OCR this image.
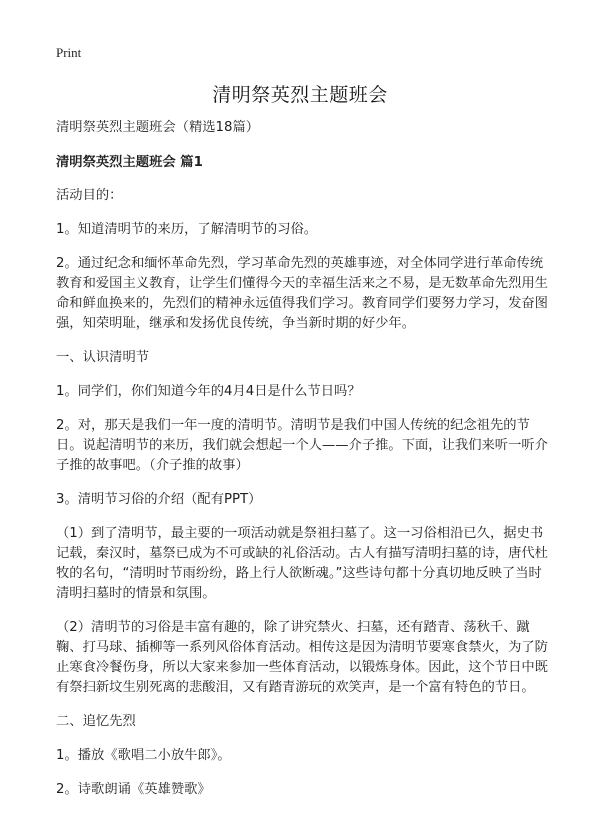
Print
清明祭英烈主题班会

清明祭英烈主题班会（精选18篇）

清明祭英烈主题班会 篇1

活动目的：

1。知道清明节的来历，了解清明节的习俗。

2。通过纪念和缅怀革命先烈，学习革命先烈的英雄事迹，对全体同学进行革命传统教育和爱国主义教育，让学生们懂得今天的幸福生活来之不易，是无数革命先烈用生命和鲜血换来的，先烈们的精神永远值得我们学习。教育同学们要努力学习，发奋图强，知荣明耻，继承和发扬优良传统，争当新时期的好少年。

一、认识清明节

1。同学们，你们知道今年的4月4日是什么节日吗？

2。对，那天是我们一年一度的清明节。清明节是我们中国人传统的纪念祖先的节日。说起清明节的来历，我们就会想起一个人——介子推。下面，让我们来听一听介子推的故事吧。（介子推的故事）

3。清明节习俗的介绍（配有PPT）

（1）到了清明节，最主要的一项活动就是祭祖扫墓了。这一习俗相沿已久，据史书记载，秦汉时，墓祭已成为不可或缺的礼俗活动。古人有描写清明扫墓的诗，唐代杜牧的名句，“清明时节雨纷纷，路上行人欲断魂。”这些诗句都十分真切地反映了当时清明扫墓时的情景和氛围。

（2）清明节的习俗是丰富有趣的，除了讲究禁火、扫墓，还有踏青、荡秋千、蹴鞠、打马球、插柳等一系列风俗体育活动。相传这是因为清明节要寒食禁火，为了防止寒食冷餐伤身，所以大家来参加一些体育活动，以锻炼身体。因此，这个节日中既有祭扫新坟生别死离的悲酸泪，又有踏青游玩的欢笑声，是一个富有特色的节日。

二、追忆先烈

1。播放《歌唱二小放牛郎》。

2。诗歌朗诵《英雄赞歌》
